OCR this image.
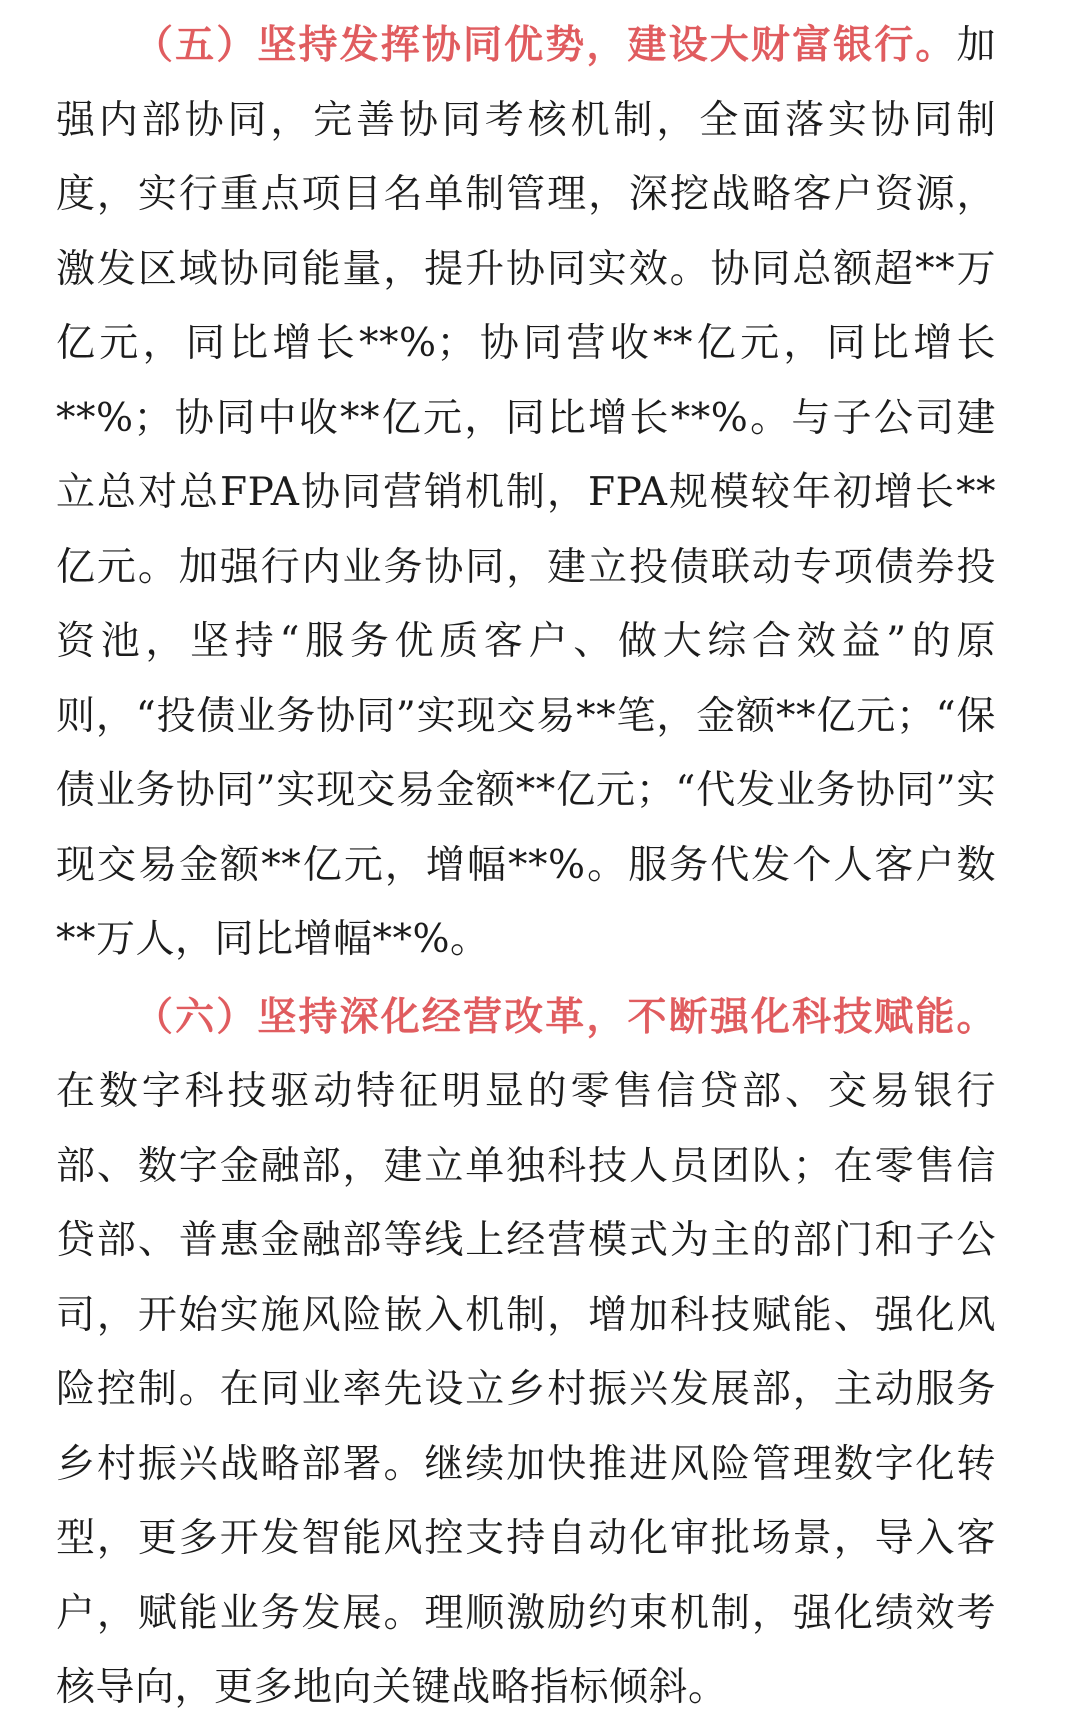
（五）坚持发挥协同优势，建设大财富银行。加强内部协同，完善协同考核机制，全面落实协同制度，实行重点项目名单制管理，深挖战略客户资源，激发区域协同能量，提升协同实效。协同总额超**万亿元，同比增长**%；协同营收**亿元，同比增长**%；协同中收**亿元，同比增长**%。与子公司建立总对总FPA协同营销机制，FPA规模较年初增长**亿元。加强行内业务协同，建立投债联动专项债券投资池，坚持“服务优质客户、做大综合效益”的原则，“投债业务协同”实现交易**笔，金额**亿元；“保债业务协同”实现交易金额**亿元；“代发业务协同”实现交易金额**亿元，增幅**%。服务代发个人客户数**万人，同比增幅**%。

（六）坚持深化经营改革，不断强化科技赋能。在数字科技驱动特征明显的零售信贷部、交易银行部、数字金融部，建立单独科技人员团队；在零售信贷部、普惠金融部等线上经营模式为主的部门和子公司，开始实施风险嵌入机制，增加科技赋能、强化风险控制。在同业率先设立乡村振兴发展部，主动服务乡村振兴战略部署。继续加快推进风险管理数字化转型，更多开发智能风控支持自动化审批场景，导入客户，赋能业务发展。理顺激励约束机制，强化绩效考核导向，更多地向关键战略指标倾斜。
